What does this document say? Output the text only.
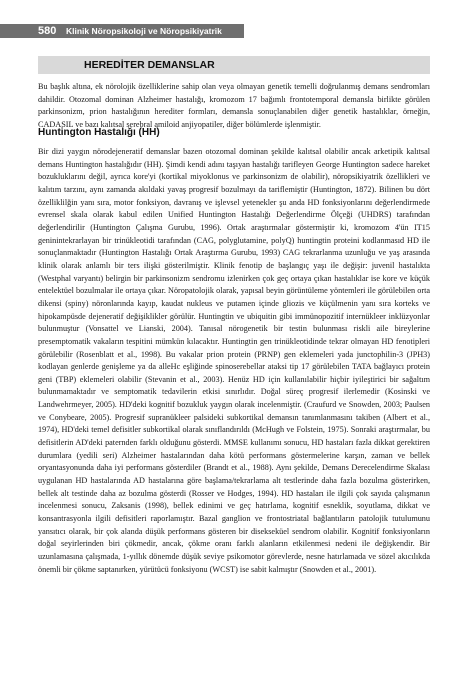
580 Klinik Nöropsikoloji ve Nöropsikiyatrik Hastalıklar
HEREDİTER DEMANSLAR

Bu başlık altına, ek nörolojik özelliklerine sahip olan veya olmayan genetik temelli doğrulanmış demans sendromları dahildir. Otozomal dominan Alzheimer hastalığı, kromozom 17 bağımlı frontotemporal demansla birlikte görülen parkinsonizm, prion hastalığının herediter formları, demansla sonuçlanabilen diğer genetik hastalıklar, örneğin, CADASIL ve bazı kalıtsal serebral amiloid anjiyopatiler, diğer bölümlerde işlenmiştir.

Huntington Hastalığı (HH)

Bir dizi yaygın nörodejeneratif demanslar bazen otozomal dominan şekilde kalıtsal olabilir ancak arketipik kalıtsal demans Huntington hastalığıdır (HH). Şimdi kendi adını taşıyan hastalığı tarifleyen George Huntington sadece hareket bozukluklarını değil, ayrıca kore'yi (kortikal miyoklonus ve parkinsonizm de olabilir), nöropsikiyatrik özellikleri ve kalıtım tarzını, aynı zamanda akıldaki yavaş progresif bozulmayı da tariflemiştir (Huntington, 1872). Bilinen bu dört özelliklilğin yanı sıra, motor fonksiyon, davranış ve işlevsel yetenekler şu anda HD fonksiyonlarını değerlendirmede evrensel skala olarak kabul edilen Unified Huntington Hastalığı Değerlendirme Ölçeği (UHDRS) tarafından değerlendirilir (Huntington Çalışma Gurubu, 1996). Ortak araştırmalar göstermiştir ki, kromozom 4'ün IT15 geninintekrarlayan bir trinükleotidi tarafından (CAG, polyglutamine, polyQ) huntingtin proteini kodlanmasıd HD ile sonuçlanmaktadır (Huntington Hastalığı Ortak Araştırma Gurubu, 1993) CAG tekrarlanma uzunluğu ve yaş arasında klinik olarak anlamlı bir ters ilişki gösterilmiştir. Klinik fenotip de başlangıç yaşı ile değişir: juvenil hastalıkta (Westphal varyantı) belirgin bir parkinsonizm sendromu izlenirken çok geç ortaya çıkan hastalıklar ise kore ve küçük entelektüel bozulmalar ile ortaya çıkar. Nöropatolojik olarak, yapısal beyin görüntüleme yöntemleri ile görülebilen orta dikensi (spiny) nöronlarında kayıp, kaudat nukleus ve putamen içinde gliozis ve küçülmenin yanı sıra korteks ve hipokampüsde dejeneratif değişiklikler görülür. Huntingtin ve ubiquitin gibi immünopozitif internükleer inklüzyonlar bulunmuştur (Vonsattel ve Lianski, 2004). Tanısal nörogenetik bir testin bulunması riskli aile bireylerine presemptomatik vakaların tespitini mümkün kılacaktır. Huntingtin gen trinükleotidinde tekrar olmayan HD fenotipleri görülebilir (Rosenblatt et al., 1998). Bu vakalar prion protein (PRNP) gen eklemeleri yada junctophilin-3 (JPH3) kodlayan genlerde genişleme ya da alleHc eşliğinde spinoserebellar ataksi tip 17 görülebilen TATA bağlayıcı protein geni (TBP) eklemeleri olabilir (Stevanin et al., 2003). Henüz HD için kullanılabilir hiçbir iyileştirici bir sağaltım bulunmamaktadır ve semptomatik tedavilerin etkisi sınırlıdır. Doğal süreç progresif ilerlemedir (Kosinski ve Landwehrmeyer, 2005). HD'deki kognitif bozukluk yaygın olarak incelenmiştir. (Craufurd ve Snowden, 2003; Paulsen ve Conybeare, 2005). Progresif supranükleer palsideki subkortikal demansın tanımlanmasını takiben (Albert et al., 1974), HD'deki temel defisitler subkortikal olarak sınıflandırıldı (McHugh ve Folstein, 1975). Sonraki araştırmalar, bu defisitlerin AD'deki paternden farklı olduğunu gösterdi. MMSE kullanımı sonucu, HD hastaları fazla dikkat gerektiren durumlara (yedili seri) Alzheimer hastalarından daha kötü performans göstermelerine karşın, zaman ve bellek oryantasyonunda daha iyi performans gösterdiler (Brandt et al., 1988). Aynı şekilde, Demans Derecelendirme Skalası uygulanan HD hastalarında AD hastalarına göre başlama/tekrarlama alt testlerinde daha fazla bozulma gösterirken, bellek alt testinde daha az bozulma gösterdi (Rosser ve Hodges, 1994). HD hastaları ile ilgili çok sayıda çalışmanın incelenmesi sonucu, Zaksanis (1998), bellek edinimi ve geç hatırlama, kognitif esneklik, soyutlama, dikkat ve konsantrasyonla ilgili defisitleri raporlamıştır. Bazal ganglion ve frontostriatal bağlantıların patolojik tutulumunu yansıtıcı olarak, bir çok alanda düşük performans gösteren bir disekseküel sendrom olabilir. Kognitif fonksiyonların doğal seyirlerinden biri çökmedir, ancak, çökme oranı farklı alanların etkilenmesi nedeni ile değişkendir. Bir uzunlamasına çalışmada, 1-yıllık dönemde düşük seviye psikomotor görevlerde, nesne hatırlamada ve sözel akıcılıkda önemli bir çökme saptanırken, yürütücü fonksiyonu (WCST) ise sabit kalmıştır (Snowden et al., 2001).
